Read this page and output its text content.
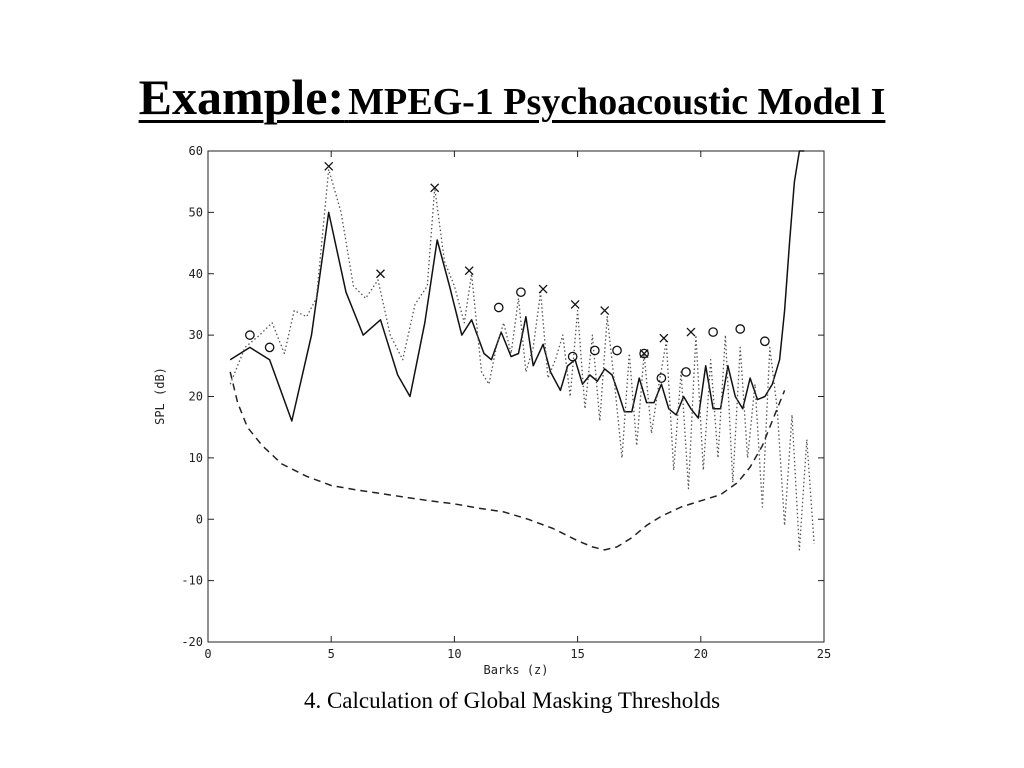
Example: MPEG-1 Psychoacoustic Model I
0	5	10	15	20	25
-20
-10
0
10
20
30
40
50
60
Barks (z)
SPL (dB)
4. Calculation of Global Masking Thresholds
